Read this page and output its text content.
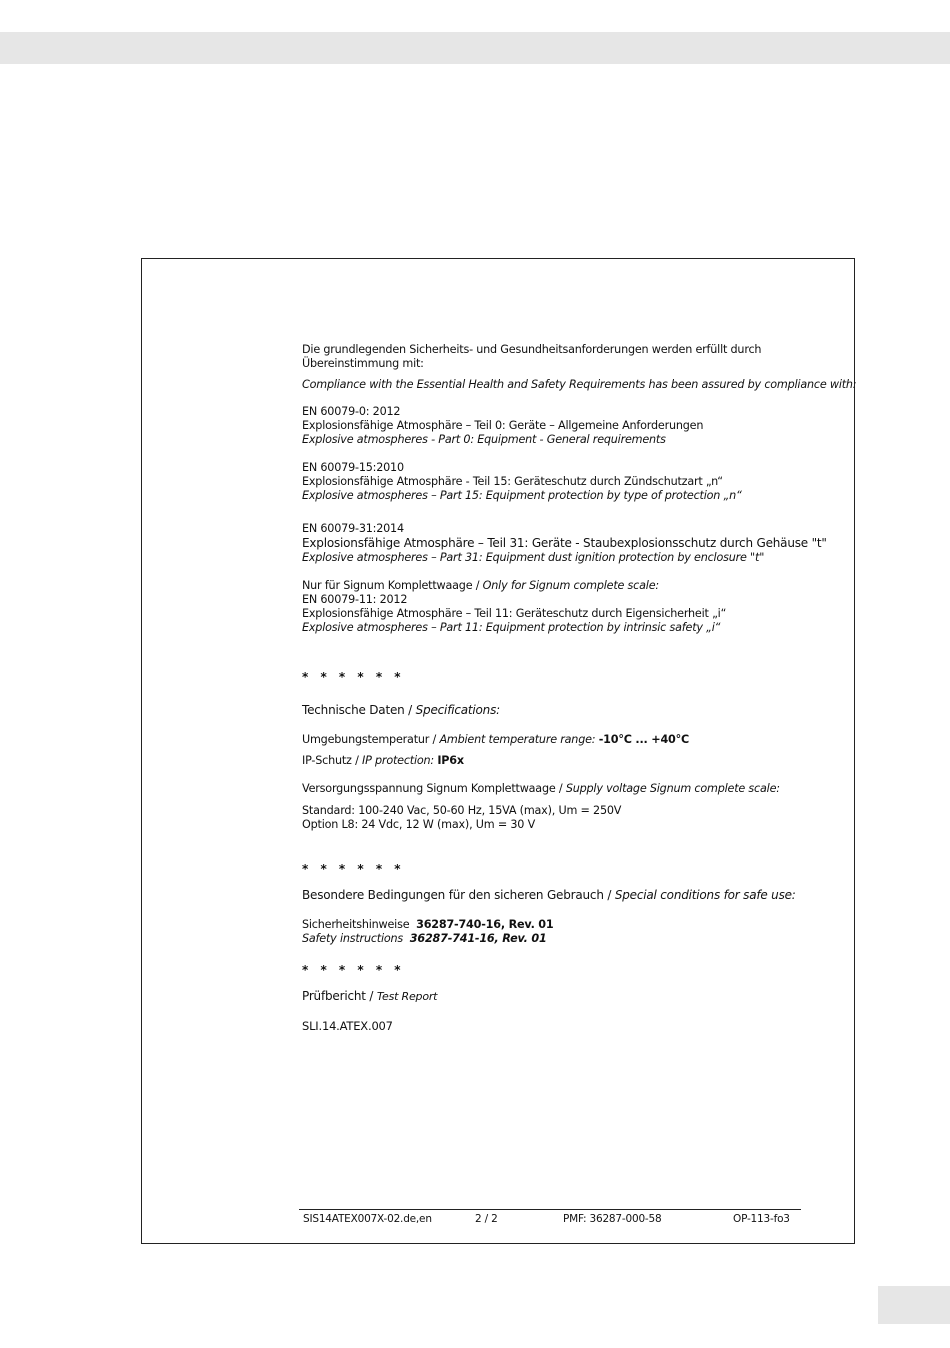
Die grundlegenden Sicherheits- und Gesundheitsanforderungen werden erfüllt durch

Übereinstimmung mit:

Compliance with the Essential Health and Safety Requirements has been assured by compliance with:

EN 60079-0: 2012

Explosionsfähige Atmosphäre – Teil 0: Geräte – Allgemeine Anforderungen

Explosive atmospheres - Part 0: Equipment - General requirements

EN 60079-15:2010

Explosionsfähige Atmosphäre - Teil 15: Geräteschutz durch Zündschutzart „n“

Explosive atmospheres – Part 15: Equipment protection by type of protection „n“

EN 60079-31:2014

Explosionsfähige Atmosphäre – Teil 31: Geräte - Staubexplosionsschutz durch Gehäuse "t"

Explosive atmospheres – Part 31: Equipment dust ignition protection by enclosure "t"

Nur für Signum Komplettwaage / Only for Signum complete scale:

EN 60079-11: 2012

Explosionsfähige Atmosphäre – Teil 11: Geräteschutz durch Eigensicherheit „i“

Explosive atmospheres – Part 11: Equipment protection by intrinsic safety „i“

* * * * * *

Technische Daten / Specifications:

Umgebungstemperatur / Ambient temperature range: -10°C ... +40°C

IP-Schutz / IP protection: IP6x

Versorgungsspannung Signum Komplettwaage / Supply voltage Signum complete scale:

Standard: 100-240 Vac, 50-60 Hz, 15VA (max), Um = 250V

Option L8: 24 Vdc, 12 W (max), Um = 30 V

* * * * * *

Besondere Bedingungen für den sicheren Gebrauch / Special conditions for safe use:

Sicherheitshinweise 36287-740-16, Rev. 01

Safety instructions 36287-741-16, Rev. 01

* * * * * *

Prüfbericht / Test Report

SLI.14.ATEX.007

SIS14ATEX007X-02.de,en	2 / 2	PMF: 36287-000-58	OP-113-fo3
